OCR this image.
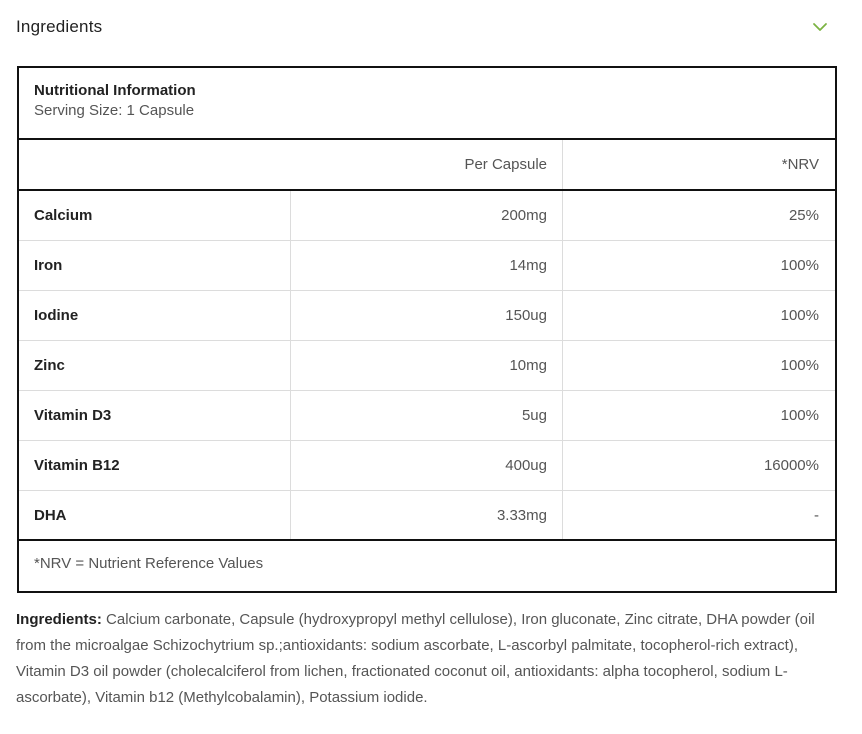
Ingredients
Nutritional Information
Serving Size: 1 Capsule
Per Capsule	*NRV
Calcium	200mg	25%
Iron	14mg	100%
Iodine	150ug	100%
Zinc	10mg	100%
Vitamin D3	5ug	100%
Vitamin B12	400ug	16000%
DHA	3.33mg	-
*NRV = Nutrient Reference Values
Ingredients: Calcium carbonate, Capsule (hydroxypropyl methyl cellulose), Iron gluconate, Zinc citrate, DHA powder (oil from the microalgae Schizochytrium sp.;antioxidants: sodium ascorbate, L-ascorbyl palmitate, tocopherol-rich extract), Vitamin D3 oil powder (cholecalciferol from lichen, fractionated coconut oil, antioxidants: alpha tocopherol, sodium L-ascorbate), Vitamin b12 (Methylcobalamin), Potassium iodide.
